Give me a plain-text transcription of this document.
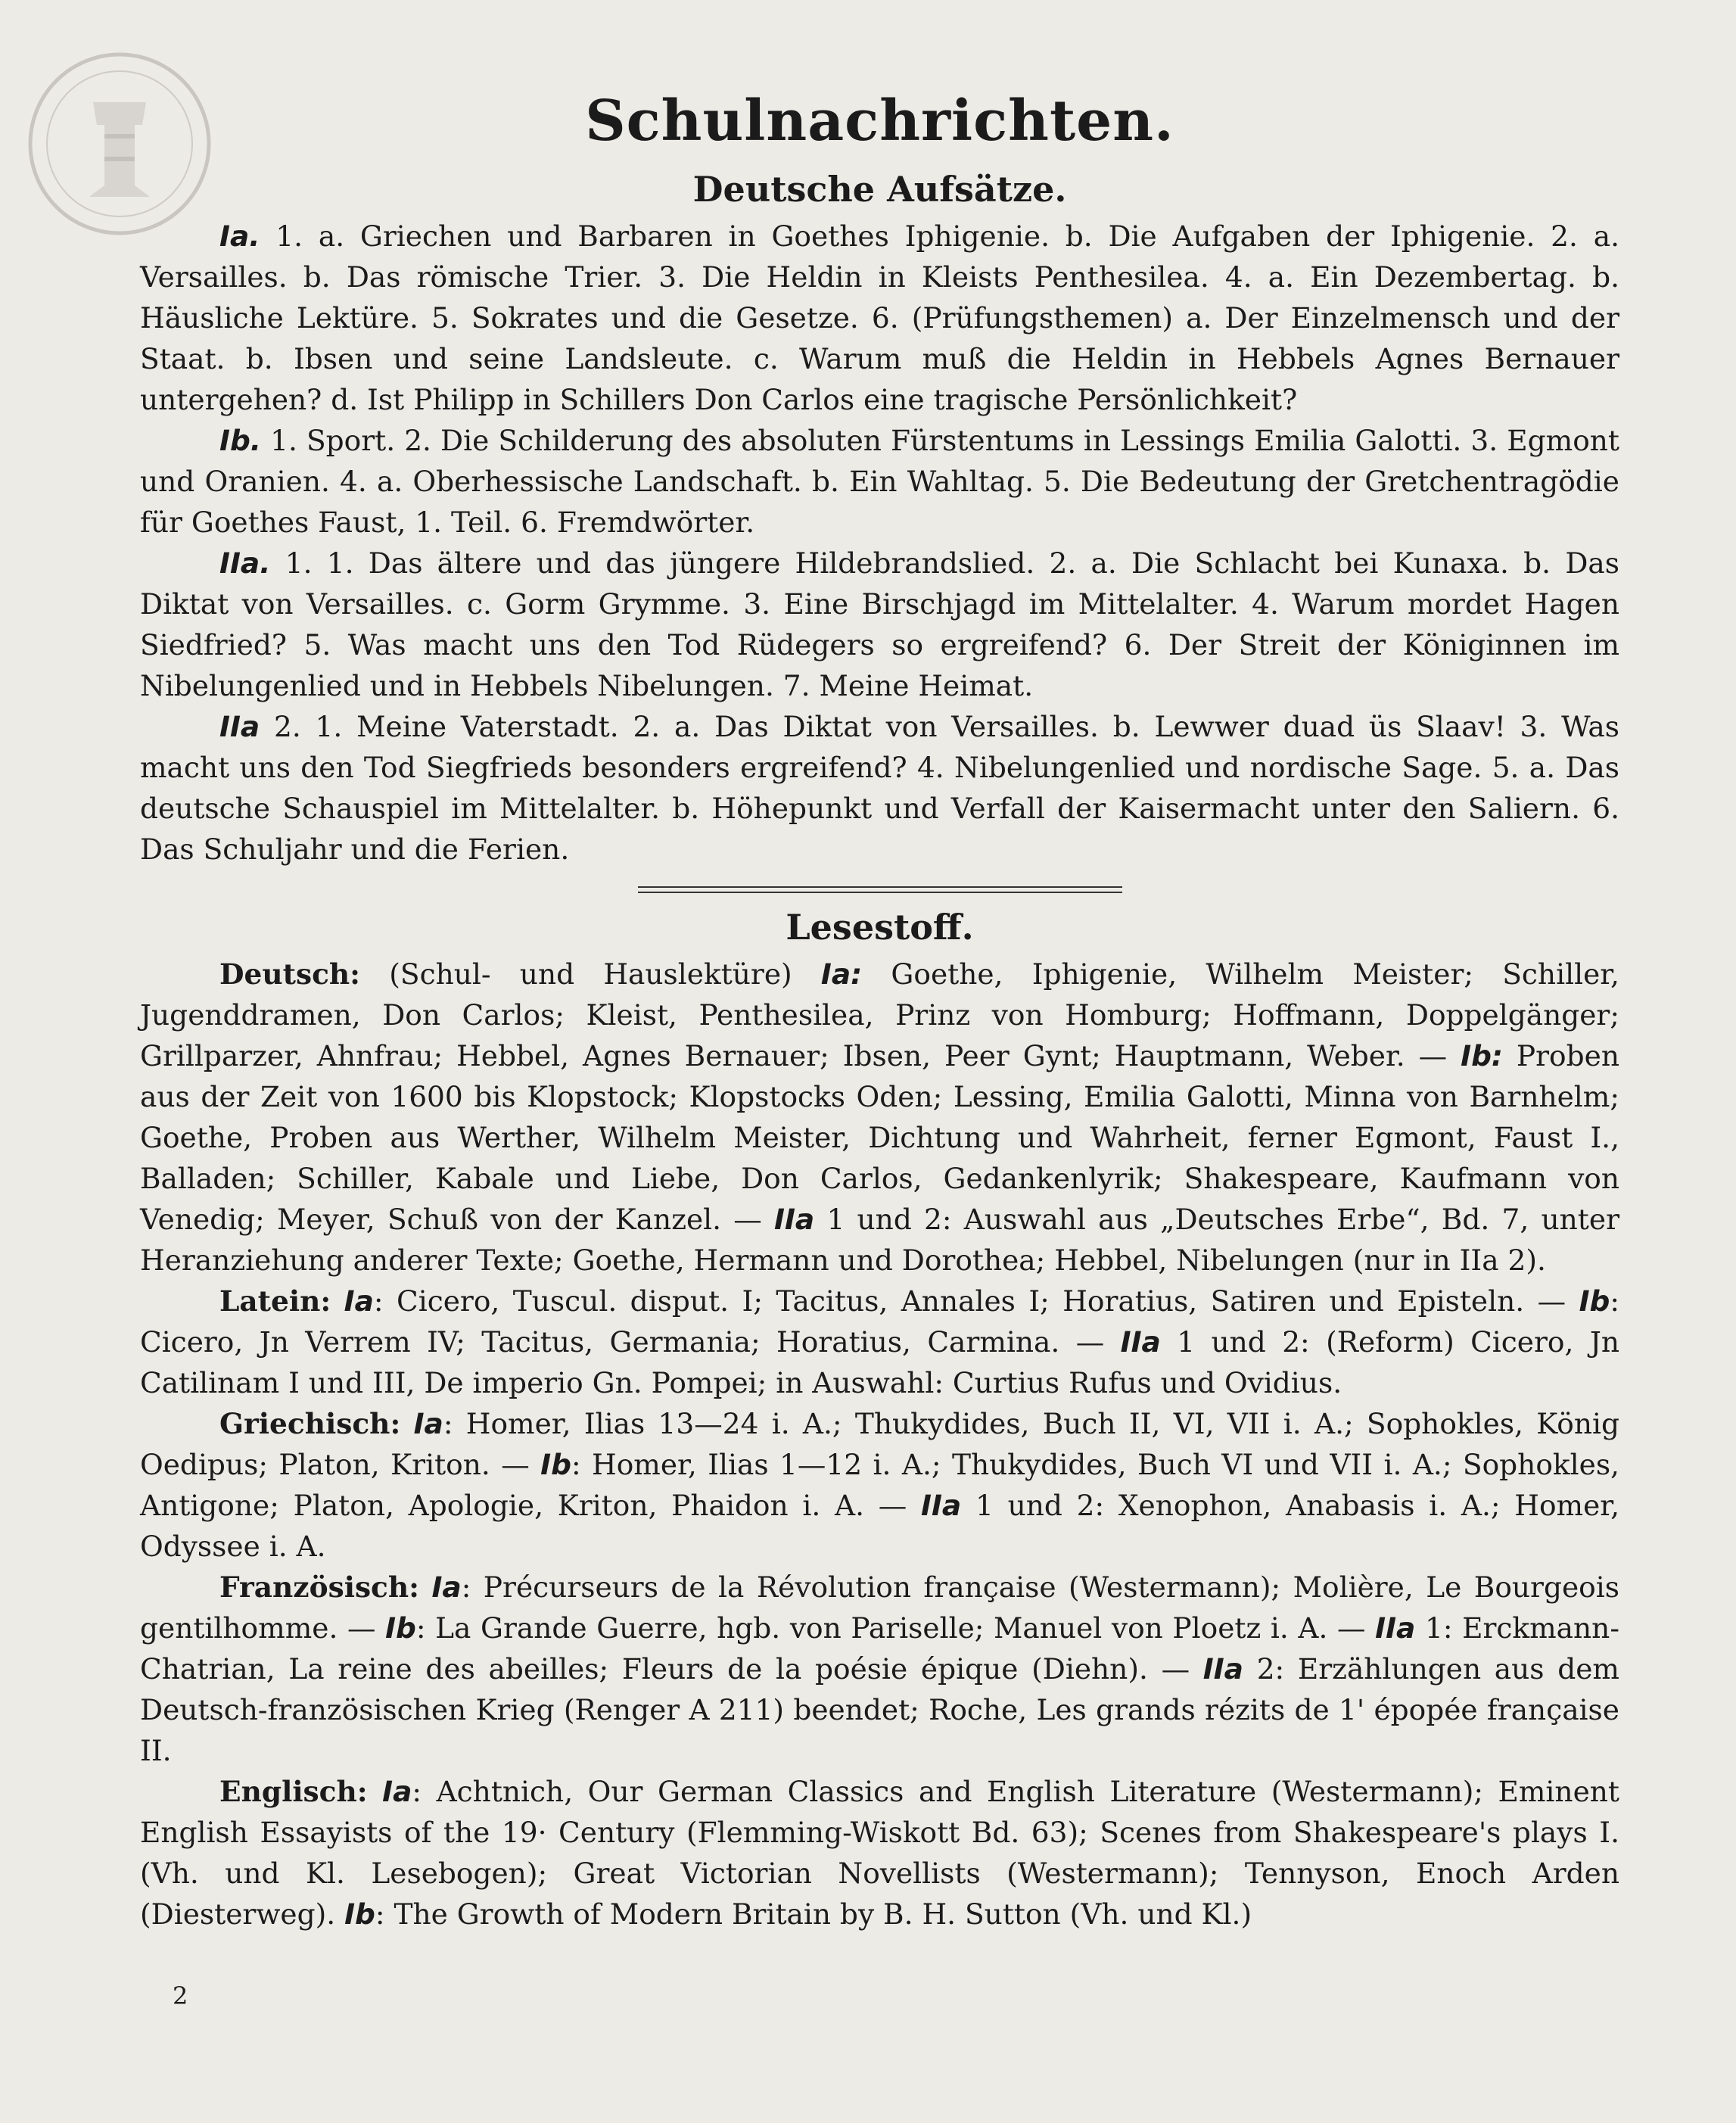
Schulnachrichten.
Deutsche Aufsätze.

Ia. 1. a. Griechen und Barbaren in Goethes Iphigenie. b. Die Aufgaben der Iphigenie. 2. a. Versailles. b. Das römische Trier. 3. Die Heldin in Kleists Penthesilea. 4. a. Ein Dezembertag. b. Häusliche Lektüre. 5. Sokrates und die Gesetze. 6. (Prüfungsthemen) a. Der Einzelmensch und der Staat. b. Ibsen und seine Landsleute. c. Warum muß die Heldin in Hebbels Agnes Bernauer untergehen? d. Ist Philipp in Schillers Don Carlos eine tragische Persönlichkeit?

Ib. 1. Sport. 2. Die Schilderung des absoluten Fürstentums in Lessings Emilia Galotti. 3. Egmont und Oranien. 4. a. Oberhessische Landschaft. b. Ein Wahltag. 5. Die Bedeutung der Gretchentragödie für Goethes Faust, 1. Teil. 6. Fremdwörter.

IIa. 1. 1. Das ältere und das jüngere Hildebrandslied. 2. a. Die Schlacht bei Kunaxa. b. Das Diktat von Versailles. c. Gorm Grymme. 3. Eine Birschjagd im Mittelalter. 4. Warum mordet Hagen Siedfried? 5. Was macht uns den Tod Rüdegers so ergreifend? 6. Der Streit der Königinnen im Nibelungenlied und in Hebbels Nibelungen. 7. Meine Heimat.

IIa 2. 1. Meine Vaterstadt. 2. a. Das Diktat von Versailles. b. Lewwer duad üs Slaav! 3. Was macht uns den Tod Siegfrieds besonders ergreifend? 4. Nibelungenlied und nordische Sage. 5. a. Das deutsche Schauspiel im Mittelalter. b. Höhepunkt und Verfall der Kaisermacht unter den Saliern. 6. Das Schuljahr und die Ferien.

Lesestoff.

Deutsch: (Schul- und Hauslektüre) Ia: Goethe, Iphigenie, Wilhelm Meister; Schiller, Jugenddramen, Don Carlos; Kleist, Penthesilea, Prinz von Homburg; Hoffmann, Doppelgänger; Grillparzer, Ahnfrau; Hebbel, Agnes Bernauer; Ibsen, Peer Gynt; Hauptmann, Weber. — Ib: Proben aus der Zeit von 1600 bis Klopstock; Klopstocks Oden; Lessing, Emilia Galotti, Minna von Barnhelm; Goethe, Proben aus Werther, Wilhelm Meister, Dichtung und Wahrheit, ferner Egmont, Faust I., Balladen; Schiller, Kabale und Liebe, Don Carlos, Gedankenlyrik; Shakespeare, Kaufmann von Venedig; Meyer, Schuß von der Kanzel. — IIa 1 und 2: Auswahl aus „Deutsches Erbe“, Bd. 7, unter Heranziehung anderer Texte; Goethe, Hermann und Dorothea; Hebbel, Nibelungen (nur in IIa 2).

Latein: Ia: Cicero, Tuscul. disput. I; Tacitus, Annales I; Horatius, Satiren und Episteln. — Ib: Cicero, Jn Verrem IV; Tacitus, Germania; Horatius, Carmina. — IIa 1 und 2: (Reform) Cicero, Jn Catilinam I und III, De imperio Gn. Pompei; in Auswahl: Curtius Rufus und Ovidius.

Griechisch: Ia: Homer, Ilias 13—24 i. A.; Thukydides, Buch II, VI, VII i. A.; Sophokles, König Oedipus; Platon, Kriton. — Ib: Homer, Ilias 1—12 i. A.; Thukydides, Buch VI und VII i. A.; Sophokles, Antigone; Platon, Apologie, Kriton, Phaidon i. A. — IIa 1 und 2: Xenophon, Anabasis i. A.; Homer, Odyssee i. A.

Französisch: Ia: Précurseurs de la Révolution française (Westermann); Molière, Le Bourgeois gentilhomme. — Ib: La Grande Guerre, hgb. von Pariselle; Manuel von Ploetz i. A. — IIa 1: Erckmann-Chatrian, La reine des abeilles; Fleurs de la poésie épique (Diehn). — IIa 2: Erzählungen aus dem Deutsch-französischen Krieg (Renger A 211) beendet; Roche, Les grands rézits de 1' épopée française II.

Englisch: Ia: Achtnich, Our German Classics and English Literature (Westermann); Eminent English Essayists of the 19· Century (Flemming-Wiskott Bd. 63); Scenes from Shakespeare's plays I. (Vh. und Kl. Lesebogen); Great Victorian Novellists (Westermann); Tennyson, Enoch Arden (Diesterweg). Ib: The Growth of Modern Britain by B. H. Sutton (Vh. und Kl.)

2
